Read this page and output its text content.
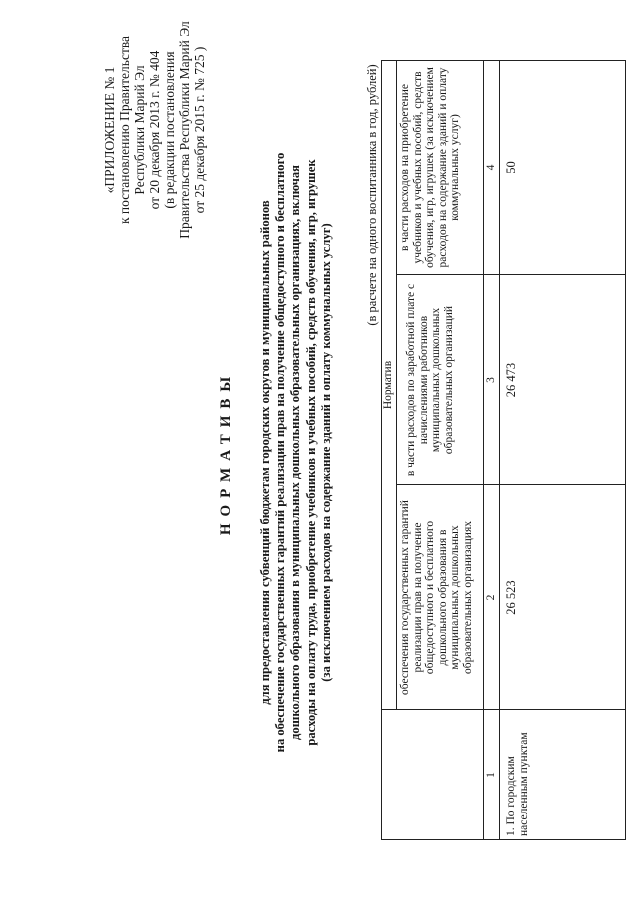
«ПРИЛОЖЕНИЕ № 1 к постановлению Правительства Республики Марий Эл от 20 декабря 2013 г. № 404 (в редакции постановления Правительства Республики Марий Эл от 25 декабря 2015 г. № 725 )
НОРМАТИВЫ для предоставления субвенций бюджетам городских округов и муниципальных районов на обеспечение государственных гарантий реализации прав на получение общедоступного и бесплатного дошкольного образования в муниципальных дошкольных образовательных организациях, включая расходы на оплату труда, приобретение учебников и учебных пособий, средств обучения, игр, игрушек (за исключением расходов на содержание зданий и оплату коммунальных услуг)
(в расчете на одного воспитанника в год, рублей)
Норматив
обеспечения государственных гарантий реализации прав на получение общедоступного и бесплатного дошкольного образования в муниципальных дошкольных образовательных организациях
в части расходов по заработной плате с начислениями работников муниципальных дошкольных образовательных организаций
в части расходов на приобретение учебников и учебных пособий, средств обучения, игр, игрушек (за исключением расходов на содержание зданий и оплату коммунальных услуг)
1
2
3
4
1. По городским населенным пунктам
26 523
26 473
50
